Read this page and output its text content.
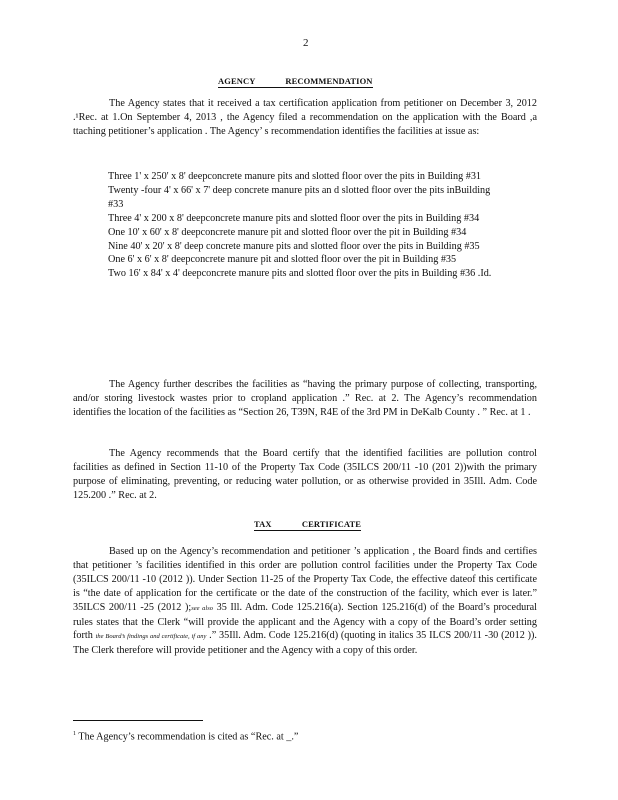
2
AGENCY RECOMMENDATION

The Agency states that it received a tax certification application from petitioner on December 3, 2012 .¹Rec. at 1.On September 4, 2013 , the Agency filed a recommendation on the application with the Board ,a ttaching petitioner’s application . The Agency’ s recommendation identifies the facilities at issue as:

Three 1' x 250' x 8' deepconcrete manure pits and slotted floor over the pits in Building #31

Twenty -four 4' x 66' x 7' deep concrete manure pits an d slotted floor over the pits inBuilding #33

Three 4' x 200 x 8' deepconcrete manure pits and slotted floor over the pits in Building #34

One 10' x 60' x 8' deepconcrete manure pit and slotted floor over the pit in Building #34

Nine 40' x 20' x 8' deep concrete manure pits and slotted floor over the pits in Building #35

One 6' x 6' x 8' deepconcrete manure pit and slotted floor over the pit in Building #35

Two 16' x 84' x 4' deepconcrete manure pits and slotted floor over the pits in Building #36 .Id.

The Agency further describes the facilities as “having the primary purpose of collecting, transporting, and/or storing livestock wastes prior to cropland application .” Rec. at 2. The Agency’s recommendation identifies the location of the facilities as “Section 26, T39N, R4E of the 3rd PM in DeKalb County . ” Rec. at 1 .

The Agency recommends that the Board certify that the identified facilities are pollution control facilities as defined in Section 11-10 of the Property Tax Code (35ILCS 200/11 -10 (201 2))with the primary purpose of eliminating, preventing, or reducing water pollution, or as otherwise provided in 35Ill. Adm. Code 125.200 .” Rec. at 2.

TAX CERTIFICATE

Based up on the Agency’s recommendation and petitioner ’s application , the Board finds and certifies that petitioner ’s facilities identified in this order are pollution control facilities under the Property Tax Code (35ILCS 200/11 -10 (2012 )). Under Section 11-25 of the Property Tax Code, the effective dateof this certificate is “the date of application for the certificate or the date of the construction of the facility, which ever is later.” 35ILCS 200/11 -25 (2012 );see also 35 Ill. Adm. Code 125.216(a). Section 125.216(d) of the Board’s procedural rules states that the Clerk “will provide the applicant and the Agency with a copy of the Board’s order setting forth the Board’s findings and certificate, if any .” 35Ill. Adm. Code 125.216(d) (quoting in italics 35 ILCS 200/11 -30 (2012 )). The Clerk therefore will provide petitioner and the Agency with a copy of this order.

$^1$ The Agency’s recommendation is cited as “Rec. at _.”
